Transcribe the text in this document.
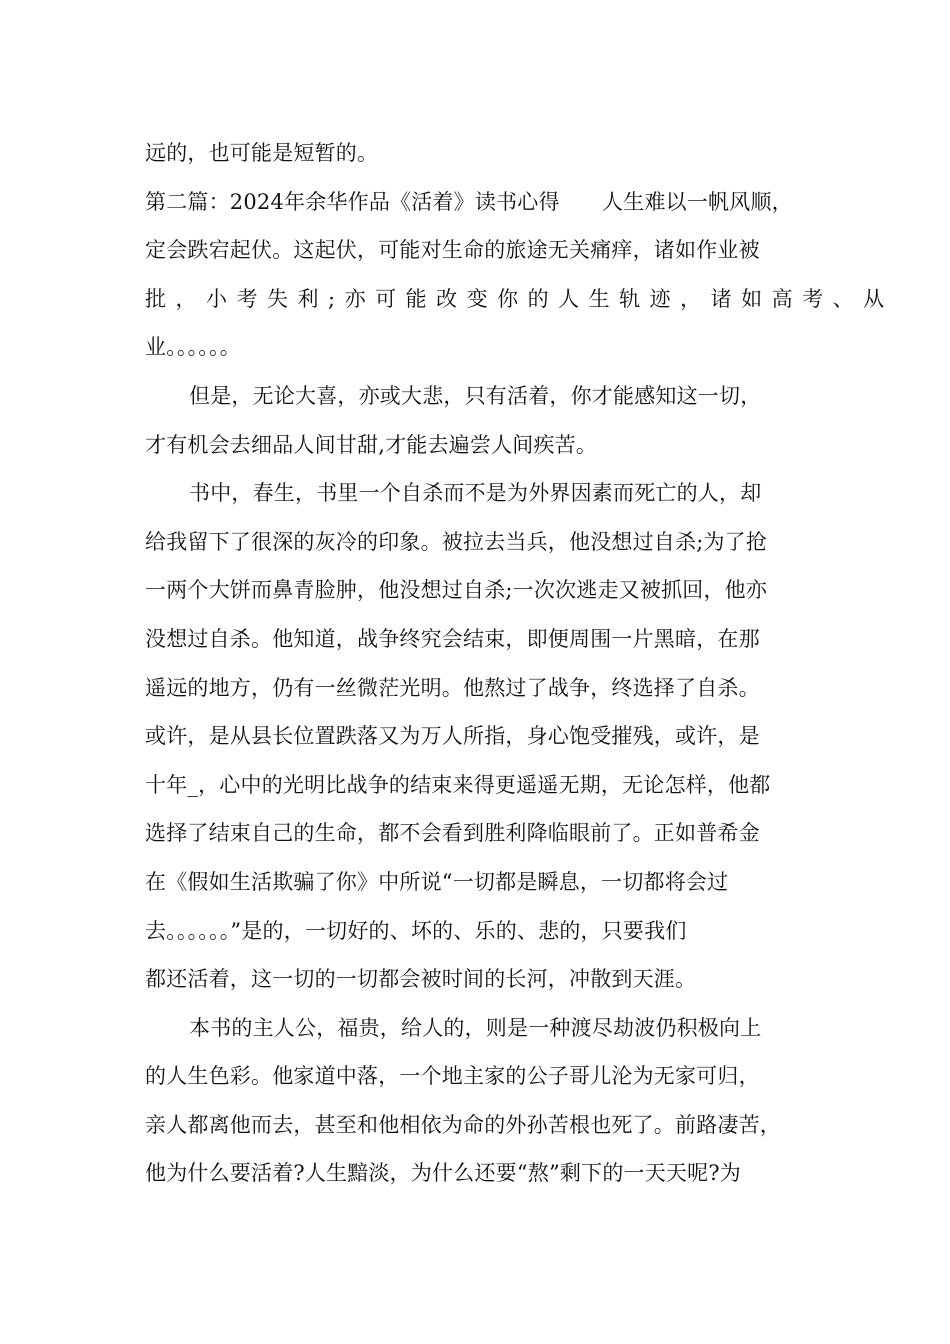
远的，也可能是短暂的。
第二篇：2024年余华作品《活着》读书心得　　人生难以一帆风顺，
定会跌宕起伏。这起伏，可能对生命的旅途无关痛痒，诸如作业被
批，小考失利;亦可能改变你的人生轨迹，诸如高考、从
业。。。。。。
但是，无论大喜，亦或大悲，只有活着，你才能感知这一切，
才有机会去细品人间甘甜,才能去遍尝人间疾苦。
书中，春生，书里一个自杀而不是为外界因素而死亡的人，却
给我留下了很深的灰冷的印象。被拉去当兵，他没想过自杀;为了抢
一两个大饼而鼻青脸肿，他没想过自杀;一次次逃走又被抓回，他亦
没想过自杀。他知道，战争终究会结束，即便周围一片黑暗，在那
遥远的地方，仍有一丝微茫光明。他熬过了战争，终选择了自杀。
或许，是从县长位置跌落又为万人所指，身心饱受摧残，或许，是
十年_，心中的光明比战争的结束来得更遥遥无期，无论怎样，他都
选择了结束自己的生命，都不会看到胜利降临眼前了。正如普希金
在《假如生活欺骗了你》中所说“一切都是瞬息，一切都将会过
去。。。。。。”是的，一切好的、坏的、乐的、悲的，只要我们
都还活着，这一切的一切都会被时间的长河，冲散到天涯。
本书的主人公，福贵，给人的，则是一种渡尽劫波仍积极向上
的人生色彩。他家道中落，一个地主家的公子哥儿沦为无家可归，
亲人都离他而去，甚至和他相依为命的外孙苦根也死了。前路凄苦，
他为什么要活着?人生黯淡，为什么还要“熬”剩下的一天天呢?为
